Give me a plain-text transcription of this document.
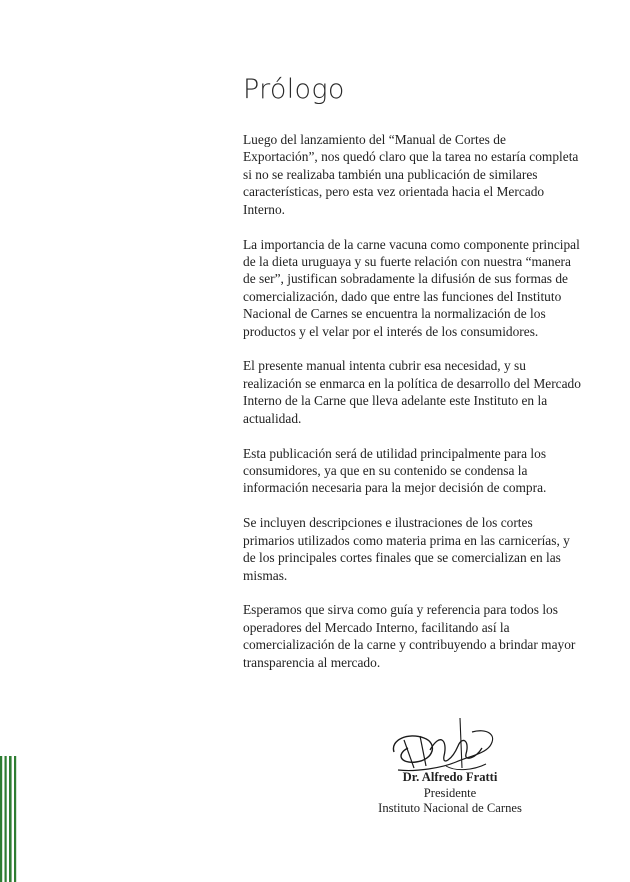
Prólogo

Luego del lanzamiento del “Manual de Cortes de Exportación”, nos quedó claro que la tarea no estaría completa si no se realizaba también una publicación de similares características, pero esta vez orientada hacia el Mercado Interno.

La importancia de la carne vacuna como componente principal de la dieta uruguaya y su fuerte relación con nuestra “manera de ser”, justifican sobradamente la difusión de sus formas de comercialización, dado que entre las funciones del Instituto Nacional de Carnes se encuentra la normalización de los productos y el velar por el interés de los consumidores.

El presente manual intenta cubrir esa necesidad, y su realización se enmarca en la política de desarrollo del Mercado Interno de la Carne que lleva adelante este Instituto en la actualidad.

Esta publicación será de utilidad principalmente para los consumidores, ya que en su contenido se condensa la información necesaria para la mejor decisión de compra.

Se incluyen descripciones e ilustraciones de los cortes primarios utilizados como materia prima en las carnicerías, y de los principales cortes finales que se comercializan en las mismas.

Esperamos que sirva como guía y referencia para todos los operadores del Mercado Interno, facilitando así la comercialización de la carne y contribuyendo a brindar mayor transparencia al mercado.

Dr. Alfredo Fratti
Presidente
Instituto Nacional de Carnes
